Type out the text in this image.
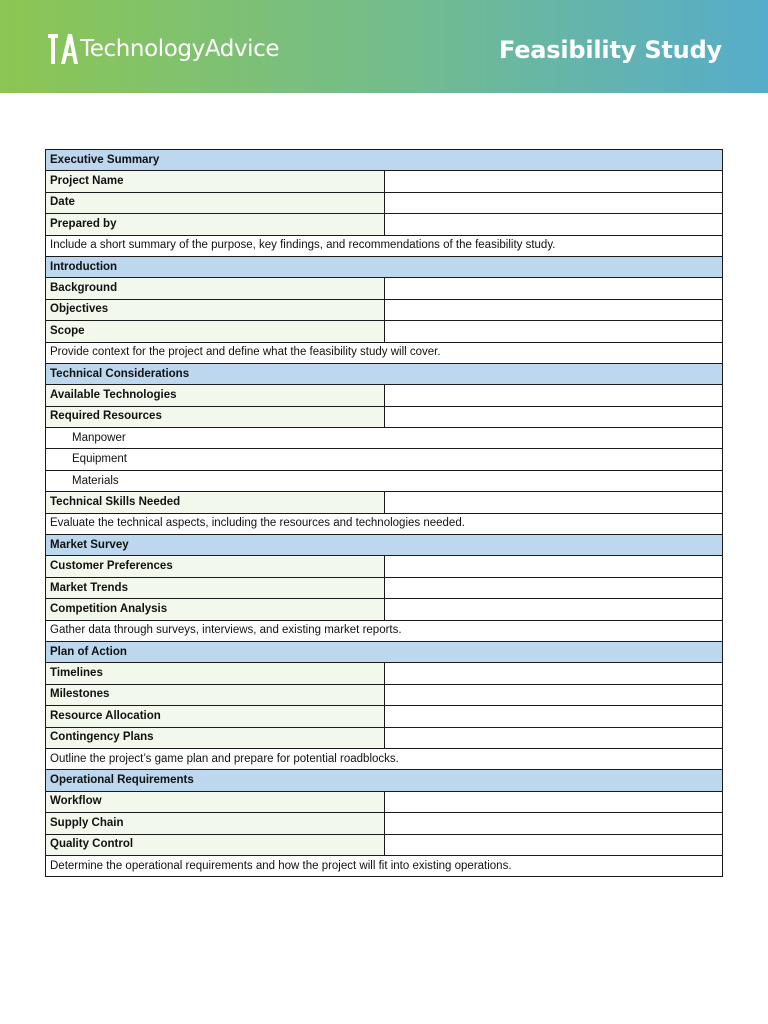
TechnologyAdvice	Feasibility Study
Executive Summary	
Project Name	
Date	
Prepared by	
Include a short summary of the purpose, key findings, and recommendations of the feasibility study.	
Introduction	
Background	
Objectives	
Scope	
Provide context for the project and define what the feasibility study will cover.	
Technical Considerations	
Available Technologies	
Required Resources	
Manpower	
Equipment	
Materials	
Technical Skills Needed	
Evaluate the technical aspects, including the resources and technologies needed.	
Market Survey	
Customer Preferences	
Market Trends	
Competition Analysis	
Gather data through surveys, interviews, and existing market reports.	
Plan of Action	
Timelines	
Milestones	
Resource Allocation	
Contingency Plans	
Outline the project’s game plan and prepare for potential roadblocks.	
Operational Requirements	
Workflow	
Supply Chain	
Quality Control	
Determine the operational requirements and how the project will fit into existing operations.	
